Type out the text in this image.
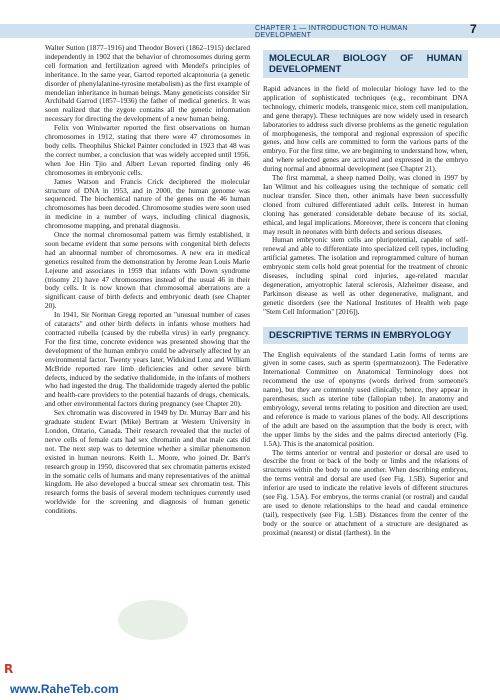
CHAPTER 1 — INTRODUCTION TO HUMAN DEVELOPMENT	7

Walter Sutton (1877–1916) and Theodor Boveri (1862–1915) declared independently in 1902 that the behavior of chromosomes during germ cell formation and fertilization agreed with Mendel's principles of inheritance. In the same year, Garrod reported alcaptonuria (a genetic disorder of phenylalanine-tyrosine metabolism) as the first example of mendelian inheritance in human beings. Many geneticists consider Sir Archibald Garrod (1857–1936) the father of medical genetics. It was soon realized that the zygote contains all the genetic information necessary for directing the development of a new human being.

Felix von Winiwarter reported the first observations on human chromosomes in 1912, stating that there were 47 chromosomes in body cells. Theophilus Shickel Painter concluded in 1923 that 48 was the correct number, a conclusion that was widely accepted until 1956, when Joe Hin Tjio and Albert Levan reported finding only 46 chromosomes in embryonic cells.

James Watson and Francis Crick deciphered the molecular structure of DNA in 1953, and in 2000, the human genome was sequenced. The biochemical nature of the genes on the 46 human chromosomes has been decoded. Chromosome studies were soon used in medicine in a number of ways, including clinical diagnosis, chromosome mapping, and prenatal diagnosis.

Once the normal chromosomal pattern was firmly established, it soon became evident that some persons with congenital birth defects had an abnormal number of chromosomes. A new era in medical genetics resulted from the demonstration by Jerome Jean Louis Marie Lejeune and associates in 1959 that infants with Down syndrome (trisomy 21) have 47 chromosomes instead of the usual 46 in their body cells. It is now known that chromosomal aberrations are a significant cause of birth defects and embryonic death (see Chapter 20).

In 1941, Sir Norman Gregg reported an "unusual number of cases of cataracts" and other birth defects in infants whose mothers had contracted rubella (caused by the rubella virus) in early pregnancy. For the first time, concrete evidence was presented showing that the development of the human embryo could be adversely affected by an environmental factor. Twenty years later, Widukind Lenz and William McBride reported rare limb deficiencies and other severe birth defects, induced by the sedative thalidomide, in the infants of mothers who had ingested the drug. The thalidomide tragedy alerted the public and health-care providers to the potential hazards of drugs, chemicals, and other environmental factors during pregnancy (see Chapter 20).

Sex chromatin was discovered in 1949 by Dr. Murray Barr and his graduate student Ewart (Mike) Bertram at Western University in London, Ontario, Canada. Their research revealed that the nuclei of nerve cells of female cats had sex chromatin and that male cats did not. The next step was to determine whether a similar phenomenon existed in human neurons. Keith L. Moore, who joined Dr. Barr's research group in 1950, discovered that sex chromatin patterns existed in the somatic cells of humans and many representatives of the animal kingdom. He also developed a buccal smear sex chromatin test. This research forms the basis of several modern techniques currently used worldwide for the screening and diagnosis of human genetic conditions.

MOLECULAR BIOLOGY OF HUMAN DEVELOPMENT

Rapid advances in the field of molecular biology have led to the application of sophisticated techniques (e.g., recombinant DNA technology, chimeric models, transgenic mice, stem cell manipulation, and gene therapy). These techniques are now widely used in research laboratories to address such diverse problems as the genetic regulation of morphogenesis, the temporal and regional expression of specific genes, and how cells are committed to form the various parts of the embryo. For the first time, we are beginning to understand how, when, and where selected genes are activated and expressed in the embryo during normal and abnormal development (see Chapter 21).

The first mammal, a sheep named Dolly, was cloned in 1997 by Ian Wilmut and his colleagues using the technique of somatic cell nuclear transfer. Since then, other animals have been successfully cloned from cultured differentiated adult cells. Interest in human cloning has generated considerable debate because of its social, ethical, and legal implications. Moreover, there is concern that cloning may result in neonates with birth defects and serious diseases.

Human embryonic stem cells are pluripotential, capable of self-renewal and able to differentiate into specialized cell types, including artificial gametes. The isolation and reprogrammed culture of human embryonic stem cells hold great potential for the treatment of chronic diseases, including spinal cord injuries, age-related macular degeneration, amyotrophic lateral sclerosis, Alzheimer disease, and Parkinson disease as well as other degenerative, malignant, and genetic disorders (see the National Institutes of Health web page "Stem Cell Information" [2016]).

DESCRIPTIVE TERMS IN EMBRYOLOGY

The English equivalents of the standard Latin forms of terms are given in some cases, such as sperm (spermatozoon). The Federative International Committee on Anatomical Terminology does not recommend the use of eponyms (words derived from someone's name), but they are commonly used clinically; hence, they appear in parentheses, such as uterine tube (fallopian tube). In anatomy and embryology, several terms relating to position and direction are used, and reference is made to various planes of the body. All descriptions of the adult are based on the assumption that the body is erect, with the upper limbs by the sides and the palms directed anteriorly (Fig. 1.5A). This is the anatomical position.

The terms anterior or ventral and posterior or dorsal are used to describe the front or back of the body or limbs and the relations of structures within the body to one another. When describing embryos, the terms ventral and dorsal are used (see Fig. 1.5B). Superior and inferior are used to indicate the relative levels of different structures (see Fig. 1.5A). For embryos, the terms cranial (or rostral) and caudal are used to denote relationships to the head and caudal eminence (tail), respectively (see Fig. 1.5B). Distances from the center of the body or the source or attachment of a structure are designated as proximal (nearest) or distal (farthest). In the

R
www.RaheTeb.com
